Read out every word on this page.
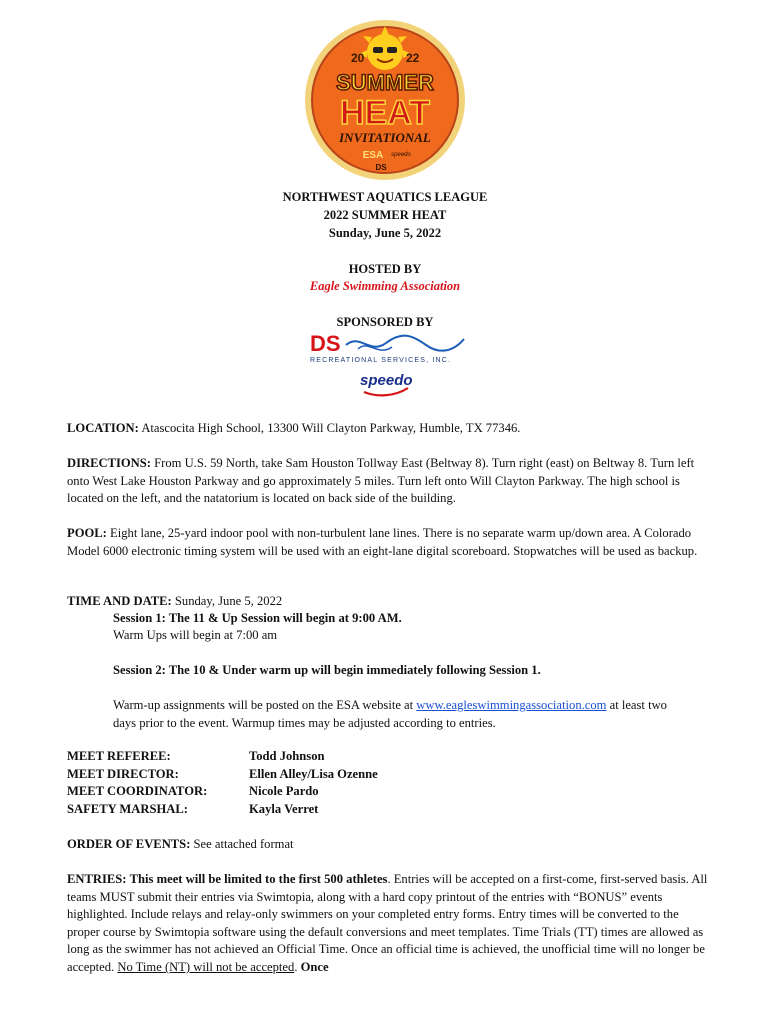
20	22
SUMMER
HEAT
INVITATIONAL
ESA speedo
DS
NORTHWEST AQUATICS LEAGUE
2022 SUMMER HEAT
Sunday, June 5, 2022
HOSTED BY
Eagle Swimming Association
SPONSORED BY
DS
RECREATIONAL SERVICES, INC.
speedo
LOCATION: Atascocita High School, 13300 Will Clayton Parkway, Humble, TX 77346.
DIRECTIONS: From U.S. 59 North, take Sam Houston Tollway East (Beltway 8). Turn right (east) on Beltway 8. Turn left onto West Lake Houston Parkway and go approximately 5 miles. Turn left onto Will Clayton Parkway. The high school is located on the left, and the natatorium is located on back side of the building.
POOL: Eight lane, 25-yard indoor pool with non-turbulent lane lines. There is no separate warm up/down area. A Colorado Model 6000 electronic timing system will be used with an eight-lane digital scoreboard. Stopwatches will be used as backup.
TIME AND DATE: Sunday, June 5, 2022
Session 1: The 11 & Up Session will begin at 9:00 AM.
Warm Ups will begin at 7:00 am
Session 2: The 10 & Under warm up will begin immediately following Session 1.
Warm-up assignments will be posted on the ESA website at www.eagleswimmingassociation.com at least two days prior to the event. Warmup times may be adjusted according to entries.
MEET REFEREE:	Todd Johnson
MEET DIRECTOR:	Ellen Alley/Lisa Ozenne
MEET COORDINATOR:	Nicole Pardo
SAFETY MARSHAL:	Kayla Verret
ORDER OF EVENTS: See attached format
ENTRIES: This meet will be limited to the first 500 athletes. Entries will be accepted on a first-come, first-served basis. All teams MUST submit their entries via Swimtopia, along with a hard copy printout of the entries with “BONUS” events highlighted. Include relays and relay-only swimmers on your completed entry forms. Entry times will be converted to the proper course by Swimtopia software using the default conversions and meet templates. Time Trials (TT) times are allowed as long as the swimmer has not achieved an Official Time. Once an official time is achieved, the unofficial time will no longer be accepted. No Time (NT) will not be accepted. Once
